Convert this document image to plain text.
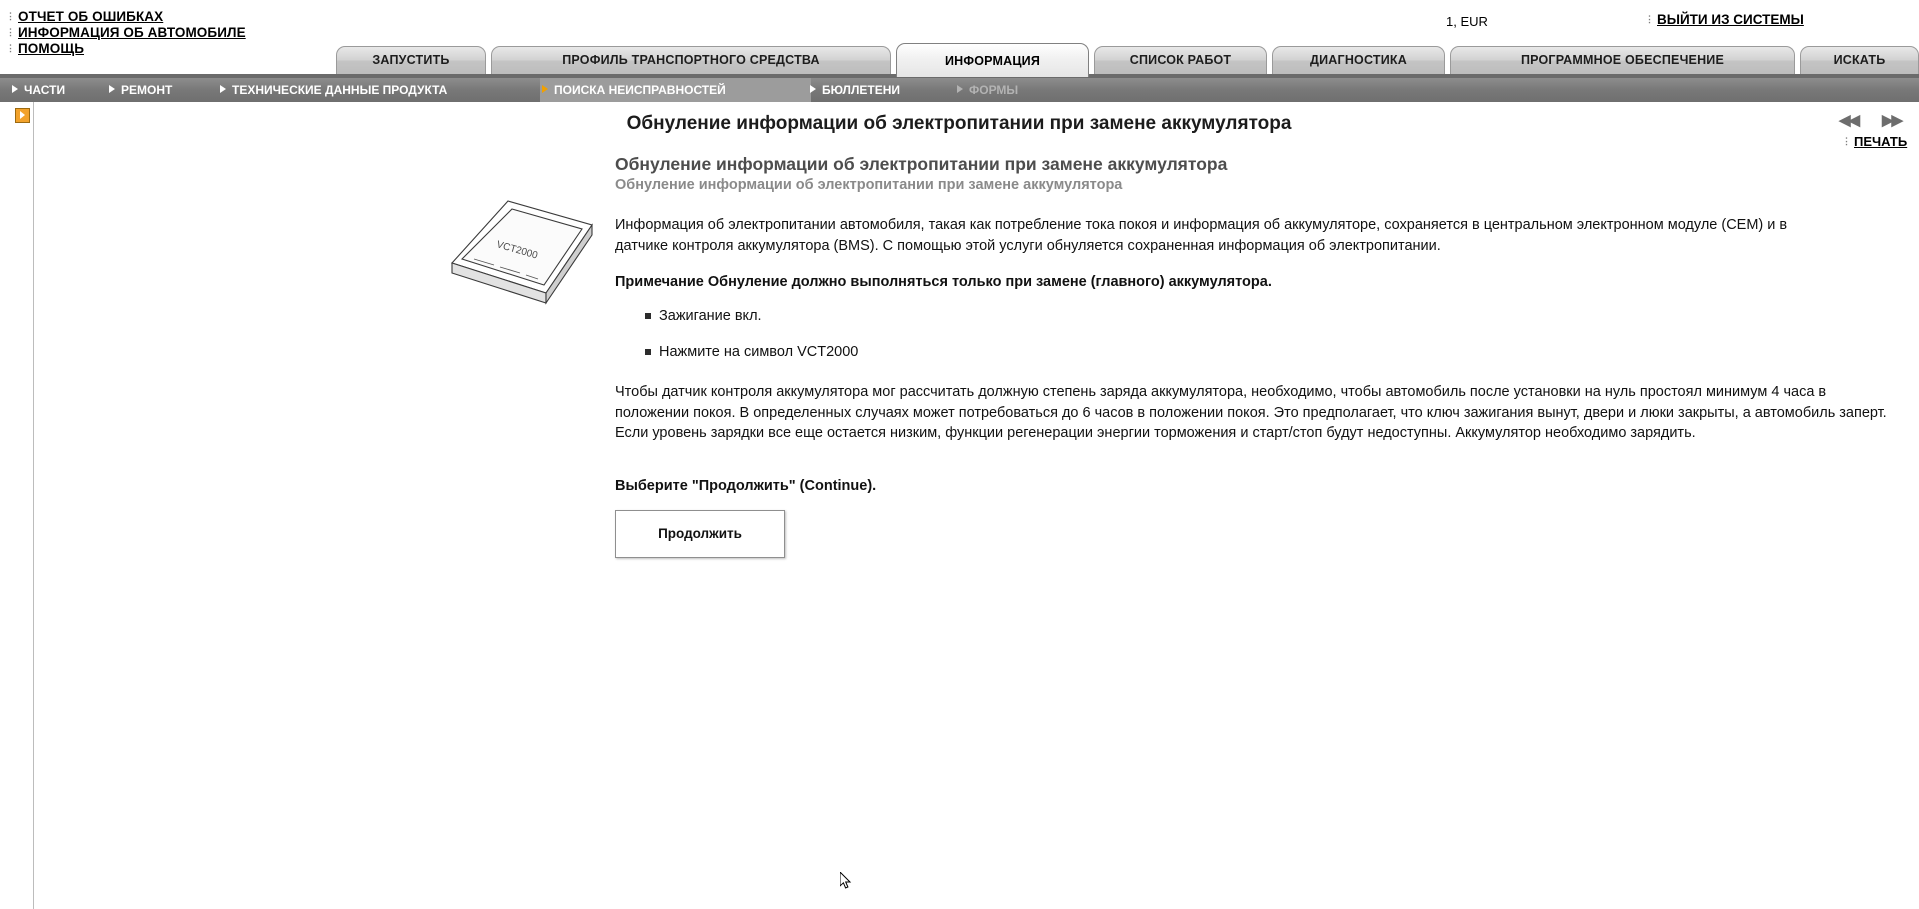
⋮
ОТЧЕТ ОБ ОШИБКАХ
⋮
ИНФОРМАЦИЯ ОБ АВТОМОБИЛЕ
⋮
ПОМОЩЬ
1, EUR ⋮	ВЫЙТИ ИЗ СИСТЕМЫ
ЗАПУСТИТЬ	ПРОФИЛЬ ТРАНСПОРТНОГО СРЕДСТВА	ИНФОРМАЦИЯ	СПИСОК РАБОТ	ДИАГНОСТИКА	ПРОГРАММНОЕ ОБЕСПЕЧЕНИЕ	ИСКАТЬ
ЧАСТИ	РЕМОНТ	ТЕХНИЧЕСКИЕ ДАННЫЕ ПРОДУКТА	ПОИСКА НЕИСПРАВНОСТЕЙ	БЮЛЛЕТЕНИ	ФОРМЫ
Обнуление информации об электропитании при замене аккумулятора	◀◀ ▶▶
⋮
ПЕЧАТЬ
VCT2000
Обнуление информации об электропитании при замене аккумулятора
Обнуление информации об электропитании при замене аккумулятора

Информация об электропитании автомобиля, такая как потребление тока покоя и информация об аккумуляторе, сохраняется в центральном электронном модуле (CEM) и в датчике контроля аккумулятора (BMS). С помощью этой услуги обнуляется сохраненная информация об электропитании.

Примечание Обнуление должно выполняться только при замене (главного) аккумулятора.

Зажигание вкл.
Нажмите на символ VCT2000

Чтобы датчик контроля аккумулятора мог рассчитать должную степень заряда аккумулятора, необходимо, чтобы автомобиль после установки на нуль простоял минимум 4 часа в положении покоя. В определенных случаях может потребоваться до 6 часов в положении покоя. Это предполагает, что ключ зажигания вынут, двери и люки закрыты, а автомобиль заперт. Если уровень зарядки все еще остается низким, функции регенерации энергии торможения и старт/стоп будут недоступны. Аккумулятор необходимо зарядить.

Выберите "Продолжить" (Continue).

Продолжить
